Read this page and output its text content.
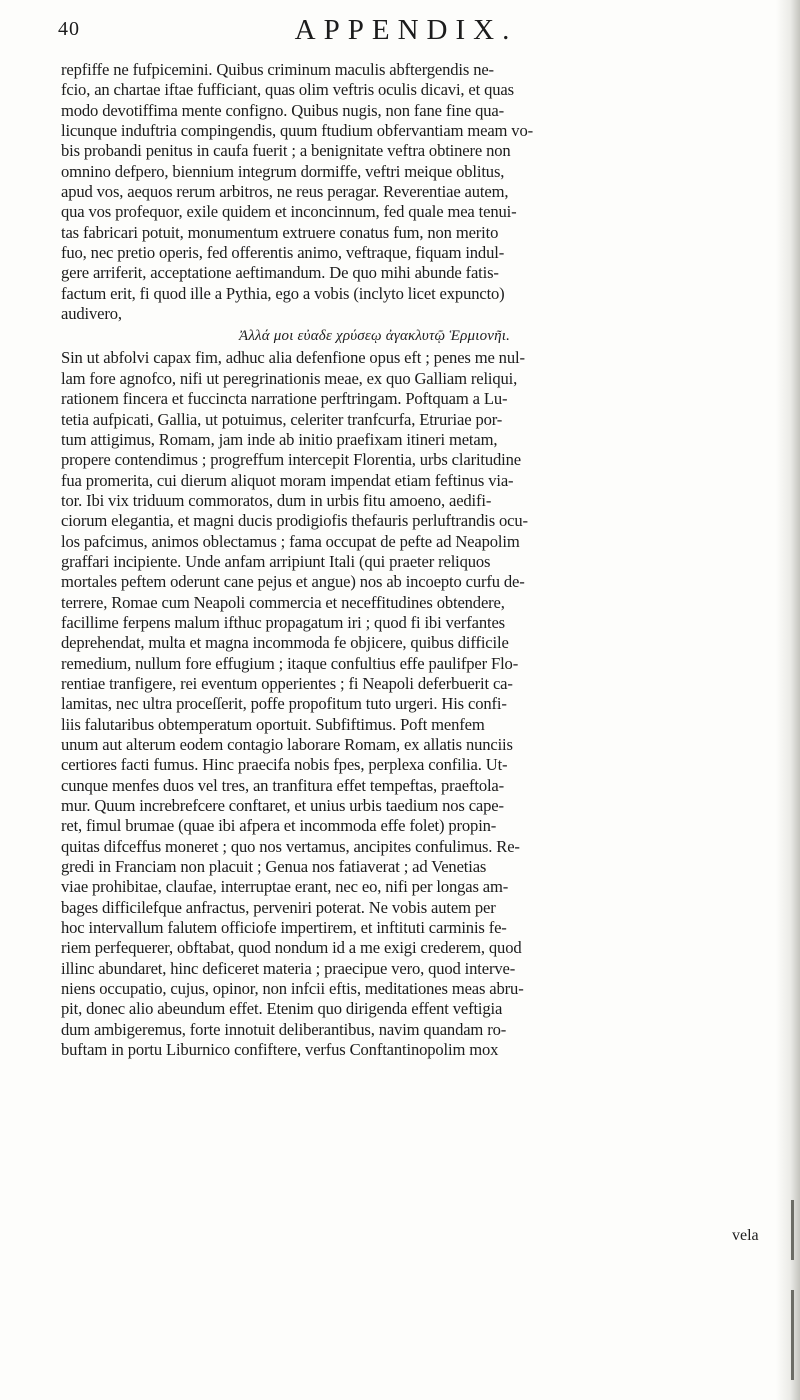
40	APPENDIX.
repfiffe ne fufpicemini. Quibus criminum maculis abftergendis ne-
fcio, an chartae iftae fufficiant, quas olim veftris oculis dicavi, et quas
modo devotiffima mente configno. Quibus nugis, non fane fine qua-
licunque induftria compingendis, quum ftudium obfervantiam meam vo-
bis probandi penitus in caufa fuerit ; a benignitate veftra obtinere non
omnino defpero, biennium integrum dormiffe, veftri meique oblitus,
apud vos, aequos rerum arbitros, ne reus peragar. Reverentiae autem,
qua vos profequor, exile quidem et inconcinnum, fed quale mea tenui-
tas fabricari potuit, monumentum extruere conatus fum, non merito
fuo, nec pretio operis, fed offerentis animo, veftraque, fiquam indul-
gere arriferit, acceptatione aeftimandum. De quo mihi abunde fatis-
factum erit, fi quod ille a Pythia, ego a vobis (inclyto licet expuncto)
audivero,
Ἀλλά μοι εὐαδε χρύσεῳ ἀγακλυτῷ Ἑρμιονῆι.
Sin ut abfolvi capax fim, adhuc alia defenfione opus eft ; penes me nul-
lam fore agnofco, nifi ut peregrinationis meae, ex quo Galliam reliqui,
rationem fincera et fuccincta narratione perftringam. Poftquam a Lu-
tetia aufpicati, Gallia, ut potuimus, celeriter tranfcurfa, Etruriae por-
tum attigimus, Romam, jam inde ab initio praefixam itineri metam,
propere contendimus ; progreffum intercepit Florentia, urbs claritudine
fua promerita, cui dierum aliquot moram impendat etiam feftinus via-
tor. Ibi vix triduum commoratos, dum in urbis fitu amoeno, aedifi-
ciorum elegantia, et magni ducis prodigiofis thefauris perluftrandis ocu-
los pafcimus, animos oblectamus ; fama occupat de pefte ad Neapolim
graffari incipiente. Unde anfam arripiunt Itali (qui praeter reliquos
mortales peftem oderunt cane pejus et angue) nos ab incoepto curfu de-
terrere, Romae cum Neapoli commercia et neceffitudines obtendere,
facillime ferpens malum ifthuc propagatum iri ; quod fi ibi verfantes
deprehendat, multa et magna incommoda fe objicere, quibus difficile
remedium, nullum fore effugium ; itaque confultius effe paulifper Flo-
rentiae tranfigere, rei eventum opperientes ; fi Neapoli deferbuerit ca-
lamitas, nec ultra proceſſerit, poffe propofitum tuto urgeri. His confi-
liis falutaribus obtemperatum oportuit. Subfiftimus. Poft menfem
unum aut alterum eodem contagio laborare Romam, ex allatis nunciis
certiores facti fumus. Hinc praecifa nobis fpes, perplexa confilia. Ut-
cunque menfes duos vel tres, an tranfitura effet tempeftas, praeftola-
mur. Quum increbrefcere conftaret, et unius urbis taedium nos cape-
ret, fimul brumae (quae ibi afpera et incommoda effe folet) propin-
quitas difceffus moneret ; quo nos vertamus, ancipites confulimus. Re-
gredi in Franciam non placuit ; Genua nos fatiaverat ; ad Venetias
viae prohibitae, claufae, interruptae erant, nec eo, nifi per longas am-
bages difficilefque anfractus, perveniri poterat. Ne vobis autem per
hoc intervallum falutem officiofe impertirem, et inftituti carminis fe-
riem perfequerer, obftabat, quod nondum id a me exigi crederem, quod
illinc abundaret, hinc deficeret materia ; praecipue vero, quod interve-
niens occupatio, cujus, opinor, non infcii eftis, meditationes meas abru-
pit, donec alio abeundum effet. Etenim quo dirigenda effent veftigia
dum ambigeremus, forte innotuit deliberantibus, navim quandam ro-
buftam in portu Liburnico confiftere, verfus Conftantinopolim mox
vela
